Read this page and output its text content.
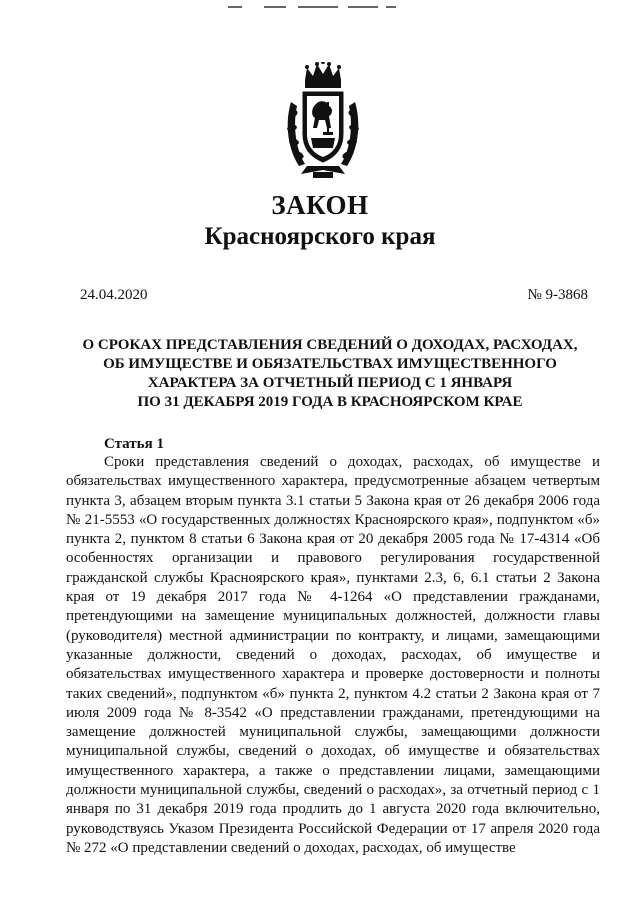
ЗАКОН
Красноярского края
24.04.2020	№ 9-3868
О СРОКАХ ПРЕДСТАВЛЕНИЯ СВЕДЕНИЙ О ДОХОДАХ, РАСХОДАХ,
ОБ ИМУЩЕСТВЕ И ОБЯЗАТЕЛЬСТВАХ ИМУЩЕСТВЕННОГО
ХАРАКТЕРА ЗА ОТЧЕТНЫЙ ПЕРИОД С 1 ЯНВАРЯ
ПО 31 ДЕКАБРЯ 2019 ГОДА В КРАСНОЯРСКОМ КРАЕ
Статья 1
Сроки представления сведений о доходах, расходах, об имуществе и обязательствах имущественного характера, предусмотренные абзацем четвертым пункта 3, абзацем вторым пункта 3.1 статьи 5 Закона края от 26 декабря 2006 года № 21-5553 «О государственных должностях Красноярского края», подпунктом «б» пункта 2, пунктом 8 статьи 6 Закона края от 20 декабря 2005 года № 17-4314 «Об особенностях организации и правового регулирования государственной гражданской службы Красноярского края», пунктами 2.3, 6, 6.1 статьи 2 Закона края от 19 декабря 2017 года № 4-1264 «О представлении гражданами, претендующими на замещение муниципальных должностей, должности главы (руководителя) местной администрации по контракту, и лицами, замещающими указанные должности, сведений о доходах, расходах, об имуществе и обязательствах имущественного характера и проверке достоверности и полноты таких сведений», подпунктом «б» пункта 2, пунктом 4.2 статьи 2 Закона края от 7 июля 2009 года № 8-3542 «О представлении гражданами, претендующими на замещение должностей муниципальной службы, замещающими должности муниципальной службы, сведений о доходах, об имуществе и обязательствах имущественного характера, а также о представлении лицами, замещающими должности муниципальной службы, сведений о расходах», за отчетный период с 1 января по 31 декабря 2019 года продлить до 1 августа 2020 года включительно, руководствуясь Указом Президента Российской Федерации от 17 апреля 2020 года № 272 «О представлении сведений о доходах, расходах, об имуществе
